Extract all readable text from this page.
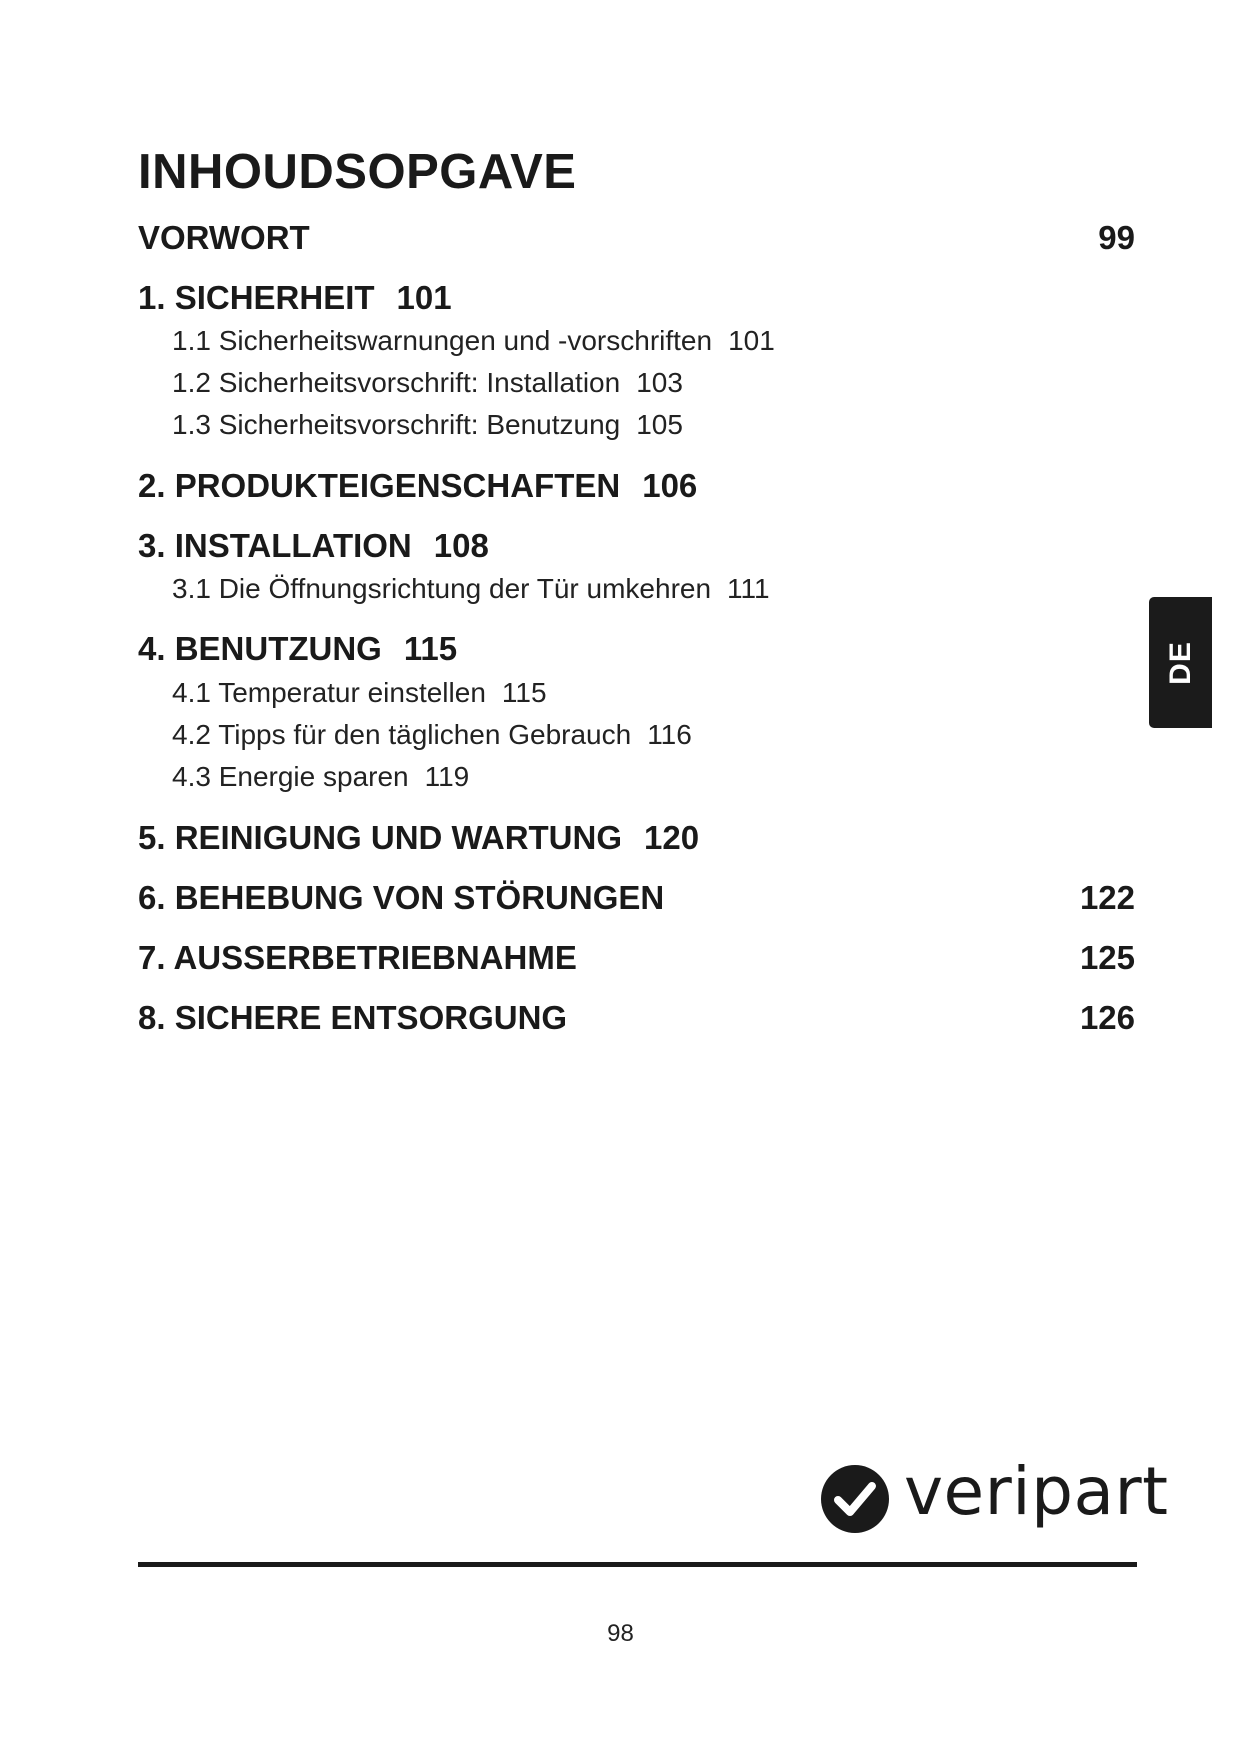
INHOUDSOPGAVE
VORWORT	99
1. SICHERHEIT 101
1.1 Sicherheitswarnungen und -vorschriften 101
1.2 Sicherheitsvorschrift: Installation 103
1.3 Sicherheitsvorschrift: Benutzung 105
2. PRODUKTEIGENSCHAFTEN 106
3. INSTALLATION 108
3.1 Die Öffnungsrichtung der Tür umkehren 111
4. BENUTZUNG 115
4.1 Temperatur einstellen 115
4.2 Tipps für den täglichen Gebrauch 116
4.3 Energie sparen 119
5. REINIGUNG UND WARTUNG 120
6. BEHEBUNG VON STÖRUNGEN	122
7. AUSSERBETRIEBNAHME	125
8. SICHERE ENTSORGUNG	126
DE
veripart
98
